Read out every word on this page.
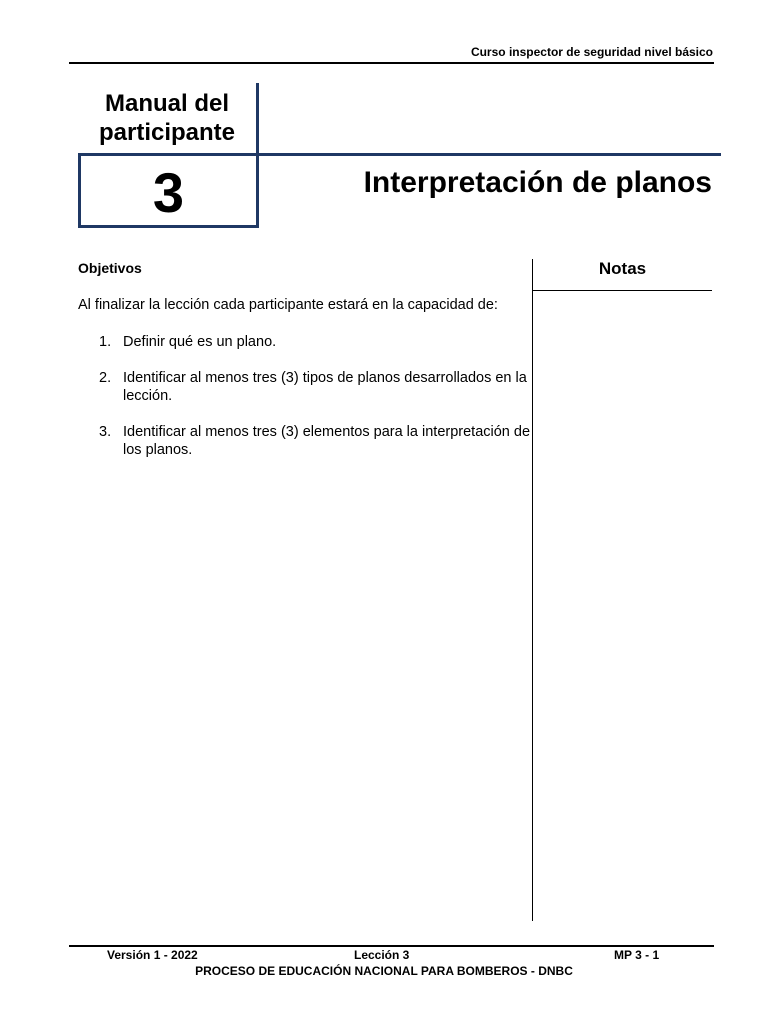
Curso inspector de seguridad nivel básico
Manual del
participante
3	Interpretación de planos
Objetivos
Al finalizar la lección cada participante estará en la capacidad de:
1. Definir qué es un plano.
2. Identificar al menos tres (3) tipos de planos desarrollados en la lección.
3. Identificar al menos tres (3) elementos para la interpretación de los planos.
Notas
Versión 1 - 2022	Lección 3	MP 3 - 1
PROCESO DE EDUCACIÓN NACIONAL PARA BOMBEROS - DNBC
